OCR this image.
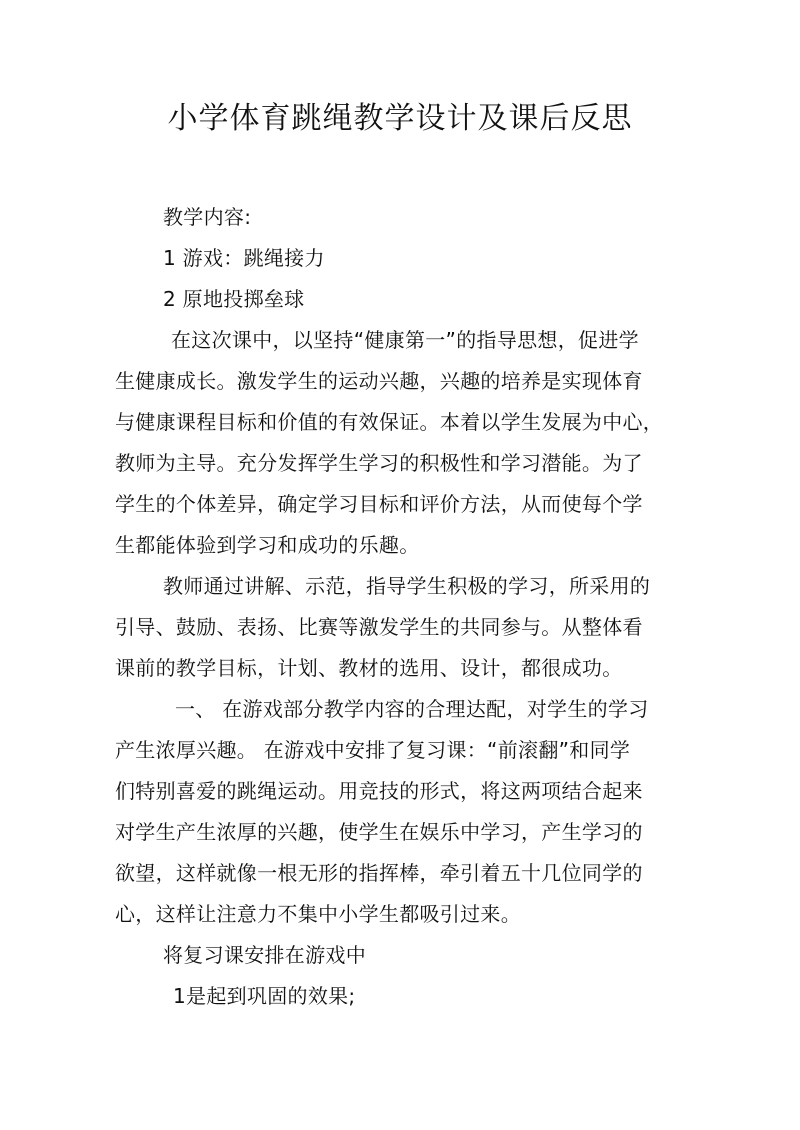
小学体育跳绳教学设计及课后反思
教学内容:
1 游戏：跳绳接力
2 原地投掷垒球
在这次课中，以坚持“健康第一”的指导思想，促进学
生健康成长。激发学生的运动兴趣，兴趣的培养是实现体育
与健康课程目标和价值的有效保证。本着以学生发展为中心，
教师为主导。充分发挥学生学习的积极性和学习潜能。为了
学生的个体差异，确定学习目标和评价方法，从而使每个学
生都能体验到学习和成功的乐趣。
教师通过讲解、示范，指导学生积极的学习，所采用的
引导、鼓励、表扬、比赛等激发学生的共同参与。从整体看
课前的教学目标，计划、教材的选用、设计，都很成功。
一、 在游戏部分教学内容的合理达配，对学生的学习
产生浓厚兴趣。 在游戏中安排了复习课：“前滚翻”和同学
们特别喜爱的跳绳运动。用竞技的形式，将这两项结合起来
对学生产生浓厚的兴趣，使学生在娱乐中学习，产生学习的
欲望，这样就像一根无形的指挥棒，牵引着五十几位同学的
心，这样让注意力不集中小学生都吸引过来。
将复习课安排在游戏中
1是起到巩固的效果;
